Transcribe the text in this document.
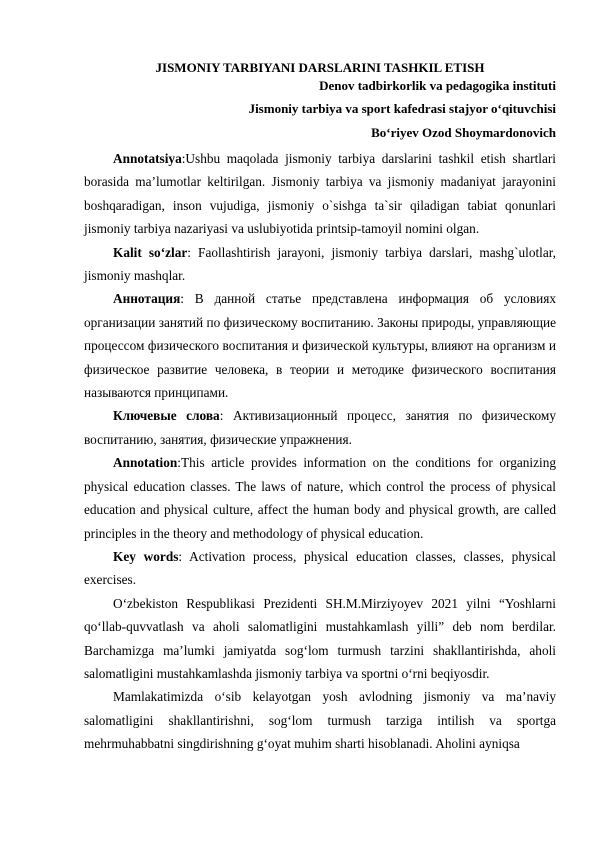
JISMONIY TARBIYANI DARSLARINI TASHKIL ETISH
Denov tadbirkorlik va pedagogika instituti
Jismoniy tarbiya va sport kafedrasi stajyor o‘qituvchisi
Bo‘riyev Ozod Shoymardonovich

Annotatsiya:Ushbu maqolada jismoniy tarbiya darslarini tashkil etish shartlari borasida ma’lumotlar keltirilgan. Jismoniy tarbiya va jismoniy madaniyat jarayonini boshqaradigan, inson vujudiga, jismoniy o`sishga ta`sir qiladigan tabiat qonunlari jismoniy tarbiya nazariyasi va uslubiyotida printsip-tamoyil nomini olgan.

Kalit so‘zlar: Faollashtirish jarayoni, jismoniy tarbiya darslari, mashg`ulotlar, jismoniy mashqlar.

Аннотация: В данной статье представлена информация об условиях организации занятий по физическому воспитанию. Законы природы, управляющие процессом физического воспитания и физической культуры, влияют на организм и физическое развитие человека, в теории и методике физического воспитания называются принципами.

Ключевые слова: Активизационный процесс, занятия по физическому воспитанию, занятия, физические упражнения.

Annotation:This article provides information on the conditions for organizing physical education classes. The laws of nature, which control the process of physical education and physical culture, affect the human body and physical growth, are called principles in the theory and methodology of physical education.

Key words: Activation process, physical education classes, classes, physical exercises.

O‘zbekiston Respublikasi Prezidenti SH.M.Mirziyoyev 2021 yilni “Yoshlarni qo‘llab-quvvatlash va aholi salomatligini mustahkamlash yilli” deb nom berdilar. Barchamizga ma’lumki jamiyatda sog‘lom turmush tarzini shakllantirishda, aholi salomatligini mustahkamlashda jismoniy tarbiya va sportni o‘rni beqiyosdir.

Mamlakatimizda o‘sib kelayotgan yosh avlodning jismoniy va ma’naviy salomatligini shakllantirishni, sog‘lom turmush tarziga intilish va sportga mehrmuhabbatni singdirishning g‘oyat muhim sharti hisoblanadi. Aholini ayniqsa
